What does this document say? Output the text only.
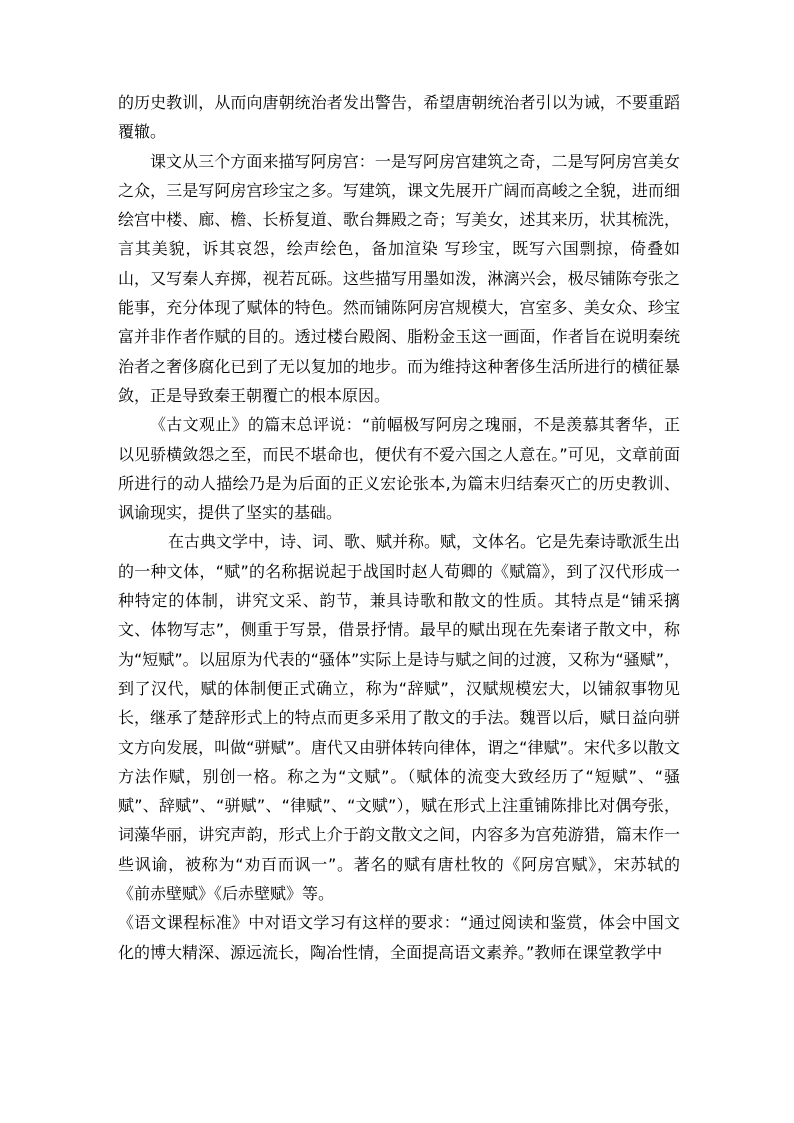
的历史教训，从而向唐朝统治者发出警告，希望唐朝统治者引以为诫，不要重蹈覆辙。

课文从三个方面来描写阿房宫：一是写阿房宫建筑之奇，二是写阿房宫美女之众，三是写阿房宫珍宝之多。写建筑，课文先展开广阔而高峻之全貌，进而细绘宫中楼、廊、檐、长桥复道、歌台舞殿之奇；写美女，述其来历，状其梳洗，言其美貌，诉其哀怨，绘声绘色，备加渲染 写珍宝，既写六国剽掠，倚叠如山，又写秦人弃掷，视若瓦砾。这些描写用墨如泼，淋漓兴会，极尽铺陈夸张之能事，充分体现了赋体的特色。然而铺陈阿房宫规模大，宫室多、美女众、珍宝富并非作者作赋的目的。透过楼台殿阁、脂粉金玉这一画面，作者旨在说明秦统治者之奢侈腐化已到了无以复加的地步。而为维持这种奢侈生活所进行的横征暴敛，正是导致秦王朝覆亡的根本原因。

《古文观止》的篇末总评说：“前幅极写阿房之瑰丽，不是羡慕其奢华，正以见骄横敛怨之至，而民不堪命也，便伏有不爱六国之人意在。”可见，文章前面所进行的动人描绘乃是为后面的正义宏论张本,为篇末归结秦灭亡的历史教训、讽谕现实，提供了坚实的基础。

在古典文学中，诗、词、歌、赋并称。赋，文体名。它是先秦诗歌派生出的一种文体，“赋”的名称据说起于战国时赵人荀卿的《赋篇》，到了汉代形成一种特定的体制，讲究文采、韵节，兼具诗歌和散文的性质。其特点是“铺采摛文、体物写志”，侧重于写景，借景抒情。最早的赋出现在先秦诸子散文中，称为“短赋”。以屈原为代表的“骚体”实际上是诗与赋之间的过渡，又称为“骚赋”，到了汉代，赋的体制便正式确立，称为“辞赋”，汉赋规模宏大，以铺叙事物见长，继承了楚辞形式上的特点而更多采用了散文的手法。魏晋以后，赋日益向骈文方向发展，叫做“骈赋”。唐代又由骈体转向律体，谓之“律赋”。宋代多以散文方法作赋，别创一格。称之为“文赋”。（赋体的流变大致经历了“短赋”、“骚赋”、辞赋”、“骈赋”、“律赋”、“文赋”），赋在形式上注重铺陈排比对偶夸张，词藻华丽，讲究声韵，形式上介于韵文散文之间，内容多为宫苑游猎，篇末作一些讽谕，被称为“劝百而讽一”。著名的赋有唐杜牧的《阿房宫赋》，宋苏轼的《前赤壁赋》《后赤壁赋》等。

《语文课程标准》中对语文学习有这样的要求：“通过阅读和鉴赏，体会中国文化的博大精深、源远流长，陶冶性情，全面提高语文素养。”教师在课堂教学中
